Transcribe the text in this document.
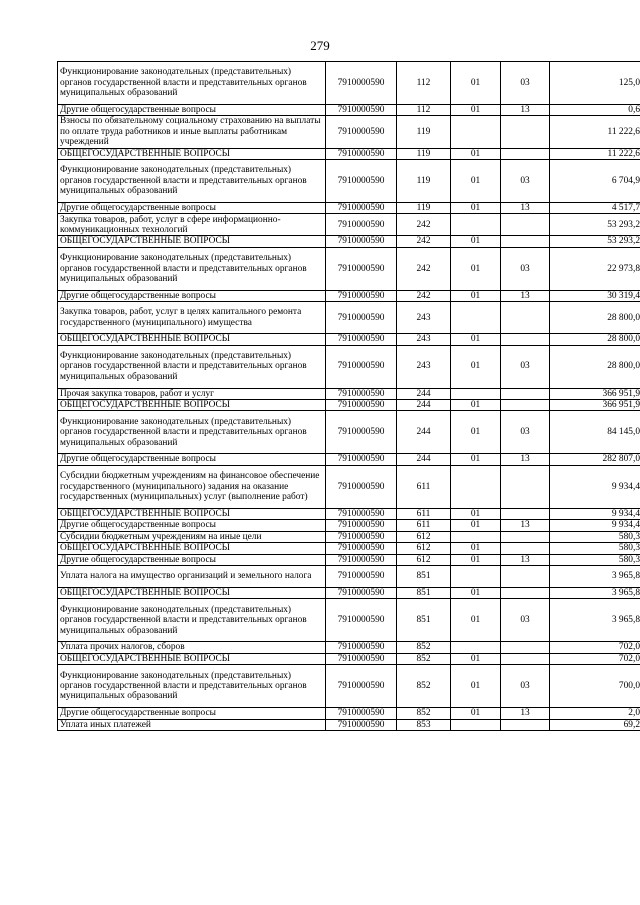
279
Функционирование законодательных (представительных) органов государственной власти и представительных органов муниципальных образований	7910000590	112	01	03	125,0
Другие общегосударственные вопросы	7910000590	112	01	13	0,6
Взносы по обязательному социальному страхованию на выплаты по оплате труда работников и иные выплаты работникам учреждений	7910000590	119			11 222,6
ОБЩЕГОСУДАРСТВЕННЫЕ ВОПРОСЫ	7910000590	119	01		11 222,6
Функционирование законодательных (представительных) органов государственной власти и представительных органов муниципальных образований	7910000590	119	01	03	6 704,9
Другие общегосударственные вопросы	7910000590	119	01	13	4 517,7
Закупка товаров, работ, услуг в сфере информационно-коммуникационных технологий	7910000590	242			53 293,2
ОБЩЕГОСУДАРСТВЕННЫЕ ВОПРОСЫ	7910000590	242	01		53 293,2
Функционирование законодательных (представительных) органов государственной власти и представительных органов муниципальных образований	7910000590	242	01	03	22 973,8
Другие общегосударственные вопросы	7910000590	242	01	13	30 319,4
Закупка товаров, работ, услуг в целях капитального ремонта государственного (муниципального) имущества	7910000590	243			28 800,0
ОБЩЕГОСУДАРСТВЕННЫЕ ВОПРОСЫ	7910000590	243	01		28 800,0
Функционирование законодательных (представительных) органов государственной власти и представительных органов муниципальных образований	7910000590	243	01	03	28 800,0
Прочая закупка товаров, работ и услуг	7910000590	244			366 951,9
ОБЩЕГОСУДАРСТВЕННЫЕ ВОПРОСЫ	7910000590	244	01		366 951,9
Функционирование законодательных (представительных) органов государственной власти и представительных органов муниципальных образований	7910000590	244	01	03	84 145,0
Другие общегосударственные вопросы	7910000590	244	01	13	282 807,0
Субсидии бюджетным учреждениям на финансовое обеспечение государственного (муниципального) задания на оказание государственных (муниципальных) услуг (выполнение работ)	7910000590	611			9 934,4
ОБЩЕГОСУДАРСТВЕННЫЕ ВОПРОСЫ	7910000590	611	01		9 934,4
Другие общегосударственные вопросы	7910000590	611	01	13	9 934,4
Субсидии бюджетным учреждениям на иные цели	7910000590	612			580,3
ОБЩЕГОСУДАРСТВЕННЫЕ ВОПРОСЫ	7910000590	612	01		580,3
Другие общегосударственные вопросы	7910000590	612	01	13	580,3
Уплата налога на имущество организаций и земельного налога	7910000590	851			3 965,8
ОБЩЕГОСУДАРСТВЕННЫЕ ВОПРОСЫ	7910000590	851	01		3 965,8
Функционирование законодательных (представительных) органов государственной власти и представительных органов муниципальных образований	7910000590	851	01	03	3 965,8
Уплата прочих налогов, сборов	7910000590	852			702,0
ОБЩЕГОСУДАРСТВЕННЫЕ ВОПРОСЫ	7910000590	852	01		702,0
Функционирование законодательных (представительных) органов государственной власти и представительных органов муниципальных образований	7910000590	852	01	03	700,0
Другие общегосударственные вопросы	7910000590	852	01	13	2,0
Уплата иных платежей	7910000590	853			69,2
